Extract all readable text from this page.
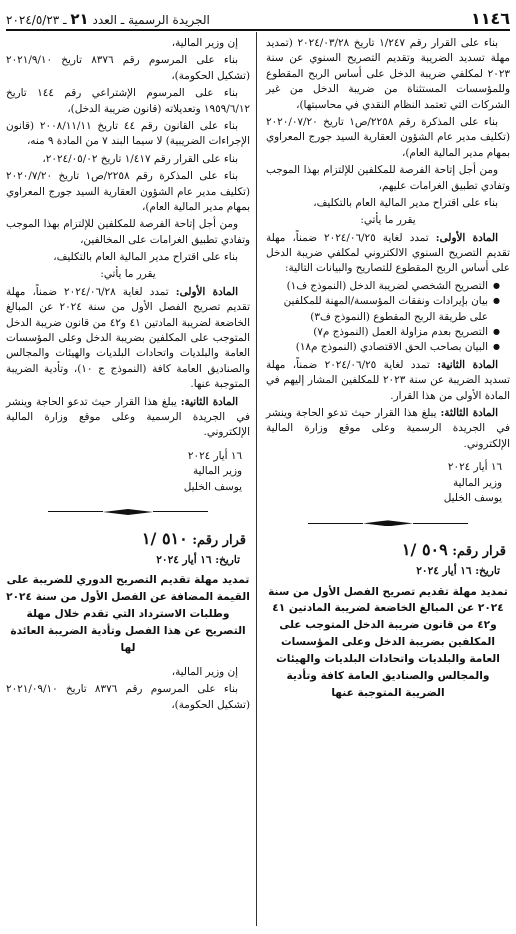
١١٤٦
الجريدة الرسمية ـ العدد ٢١ ـ ٢٠٢٤/٥/٢٣

بناء على القرار رقم ١/٢٤٧ تاريخ ٢٠٢٤/٠٣/٢٨ (تمديد مهلة تسديد الضريبة وتقديم التصريح السنوي عن سنة ٢٠٢٣ لمكلفي ضريبة الدخل على أساس الربح المقطوع وللمؤسسات المستثناة من ضريبة الدخل من غير الشركات التي تعتمد النظام النقدي في محاسبتها)،

بناء على المذكرة رقم ٢٢٥٨/ص١ تاريخ ٢٠٢٠/٠٧/٢٠ (تكليف مدير عام الشؤون العقارية السيد جورج المعراوي بمهام مدير المالية العام)،

ومن أجل إتاحة الفرصة للمكلفين للإلتزام بهذا الموجب وتفادي تطبيق الغرامات عليهم،

بناء على اقتراح مدير المالية العام بالتكليف،

يقرر ما يأتي:

المادة الأولى: تمدد لغاية ٢٠٢٤/٠٦/٢٥ ضمناً، مهلة تقديم التصريح السنوي الالكتروني لمكلفي ضريبة الدخل على أساس الربح المقطوع للتصاريح والبيانات التالية:

● التصريح الشخصي لضريبة الدخل (النموذج ف١)
● بيان بإيرادات ونفقات المؤسسة/المهنة للمكلفين على طريقة الربح المقطوع (النموذج ف٣)
● التصريح بعدم مزاولة العمل (النموذج م٧)
● البيان بصاحب الحق الاقتصادي (النموذج م١٨)

المادة الثانية: تمدد لغاية ٢٠٢٤/٠٦/٢٥ ضمناً، مهلة تسديد الضريبة عن سنة ٢٠٢٣ للمكلفين المشار إليهم في المادة الأولى من هذا القرار.

المادة الثالثة: يبلغ هذا القرار حيث تدعو الحاجة وينشر في الجريدة الرسمية وعلى موقع وزارة المالية الإلكتروني.

١٦ أيار ٢٠٢٤
وزير المالية
يوسف الخليل

قرار رقم: ٥٠٩ /١

تاريخ: ١٦ أيار ٢٠٢٤

تمديد مهلة تقديم تصريح الفصل الأول من سنة ٢٠٢٤ عن المبالغ الخاضعة لضريبة المادتين ٤١ و٤٢ من قانون ضريبة الدخل المتوجب على المكلفين بضريبة الدخل وعلى المؤسسات العامة والبلديات واتحادات البلديات والهيئات والمجالس والصناديق العامة كافة وتأدية الضريبة المتوجبة عنها

إن وزير المالية،

بناء على المرسوم رقم ٨٣٧٦ تاريخ ٢٠٢١/٩/١٠ (تشكيل الحكومة)،

بناء على المرسوم الإشتراعي رقم ١٤٤ تاريخ ١٩٥٩/٦/١٢ وتعديلاته (قانون ضريبة الدخل)،

بناء على القانون رقم ٤٤ تاريخ ٢٠٠٨/١١/١١ (قانون الإجراءات الضريبية) لا سيما البند ٧ من المادة ٩ منه،

بناء على القرار رقم ١/٤١٧ تاريخ ٢٠٢٤/٠٥/٠٢،

بناء على المذكرة رقم ٢٢٥٨/ص١ تاريخ ٢٠٢٠/٧/٢٠ (تكليف مدير عام الشؤون العقارية السيد جورج المعراوي بمهام مدير المالية العام)،

ومن أجل إتاحة الفرصة للمكلفين للإلتزام بهذا الموجب وتفادي تطبيق الغرامات على المخالفين،

بناء على اقتراح مدير المالية العام بالتكليف،

يقرر ما يأتي:

المادة الأولى: تمدد لغاية ٢٠٢٤/٠٦/٢٨ ضمناً، مهلة تقديم تصريح الفصل الأول من سنة ٢٠٢٤ عن المبالغ الخاضعة لضريبة المادتين ٤١ و٤٢ من قانون ضريبة الدخل المتوجب على المكلفين بضريبة الدخل وعلى المؤسسات العامة والبلديات واتحادات البلديات والهيئات والمجالس والصناديق العامة كافة (النموذج ج ١٠)، وتأدية الضريبة المتوجبة عنها.

المادة الثانية: يبلغ هذا القرار حيث تدعو الحاجة وينشر في الجريدة الرسمية وعلى موقع وزارة المالية الإلكتروني.

١٦ أيار ٢٠٢٤
وزير المالية
يوسف الخليل

قرار رقم: ٥١٠ /١

تاريخ: ١٦ أيار ٢٠٢٤

تمديد مهلة تقديم التصريح الدوري للضريبة على القيمة المضافة عن الفصل الأول من سنة ٢٠٢٤ وطلبات الاسترداد التي تقدم خلال مهلة التصريح عن هذا الفصل وتأدية الضريبة العائدة لها

إن وزير المالية،

بناء على المرسوم رقم ٨٣٧٦ تاريخ ٢٠٢١/٠٩/١٠ (تشكيل الحكومة)،
